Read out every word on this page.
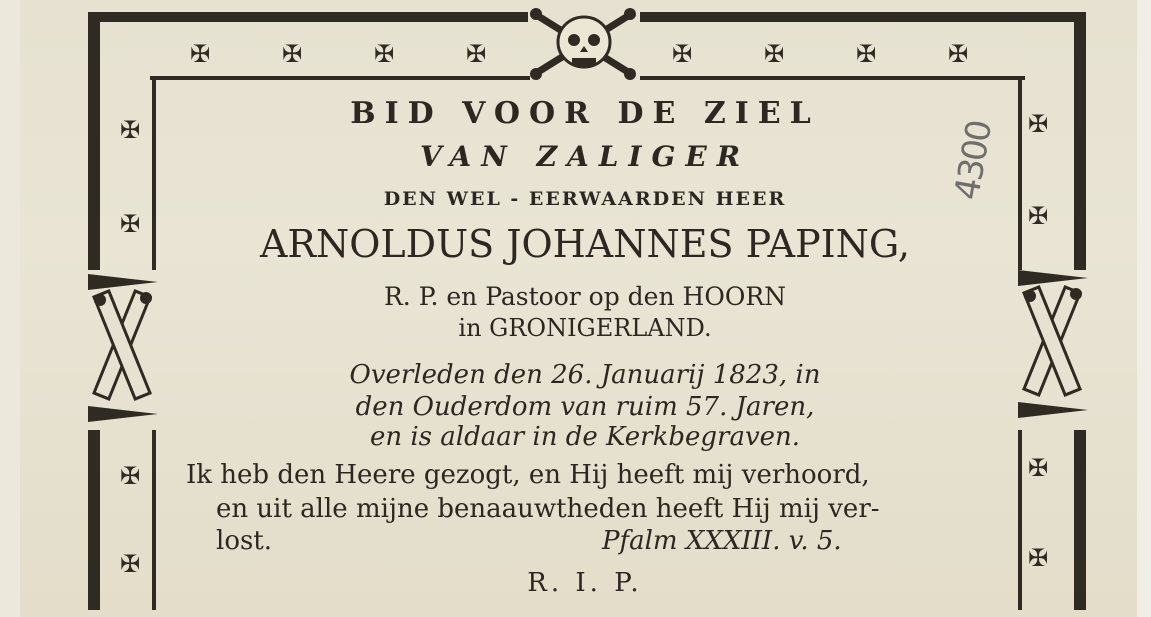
✠	✠	✠	✠	✠	✠	✠	✠
✠
✠
✠
✠
✠
✠
✠
✠
4300
BID VOOR DE ZIEL
VAN ZALIGER
DEN WEL - EERWAARDEN HEER
ARNOLDUS JOHANNES PAPING,
R. P. en Pastoor op den HOORN
in GRONIGERLAND.
Overleden den 26. Januarij 1823, in
den Ouderdom van ruim 57. Jaren,
en is aldaar in de Kerkbegraven.
Ik heb den Heere gezogt, en Hij heeft mij verhoord,
en uit alle mijne benaauwtheden heeft Hij mij ver-
lost.	Pfalm XXXIII. v. 5.
R. I. P.
